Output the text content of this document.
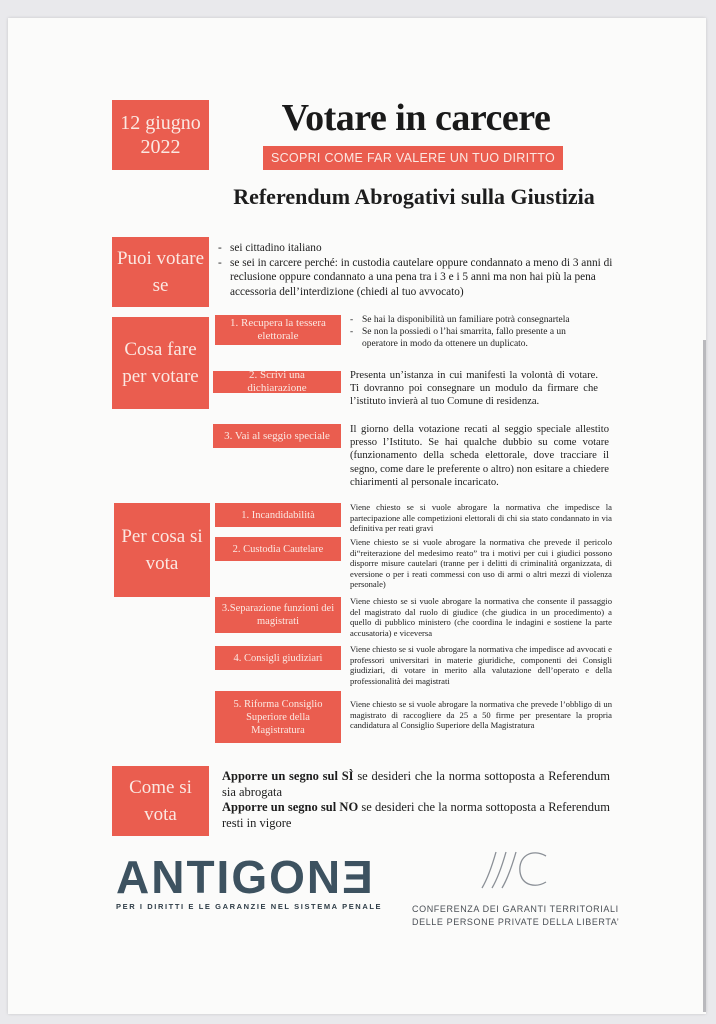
12 giugno 2022
Votare in carcere
SCOPRI COME FAR VALERE UN TUO DIRITTO
Referendum Abrogativi sulla Giustizia
Puoi votare se
- sei cittadino italiano
- se sei in carcere perché: in custodia cautelare oppure condannato a meno di 3 anni di reclusione oppure condannato a una pena tra i 3 e i 5 anni ma non hai più la pena accessoria dell’interdizione (chiedi al tuo avvocato)
Cosa fare per votare
1. Recupera la tessera elettorale
- Se hai la disponibilità un familiare potrà consegnartela
- Se non la possiedi o l’hai smarrita, fallo presente a un operatore in modo da ottenere un duplicato.
2. Scrivi una dichiarazione
Presenta un’istanza in cui manifesti la volontà di votare. Ti dovranno poi consegnare un modulo da firmare che l’istituto invierà al tuo Comune di residenza.
3. Vai al seggio speciale Il giorno della votazione recati al seggio speciale allestito presso l’Istituto. Se hai qualche dubbio su come votare (funzionamento della scheda elettorale, dove tracciare il segno, come dare le preferente o altro) non esitare a chiedere chiarimenti al personale incaricato.
Per cosa si vota
1. Incandidabilità
Viene chiesto se si vuole abrogare la normativa che impedisce la partecipazione alle competizioni elettorali di chi sia stato condannato in via definitiva per reati gravi
2. Custodia Cautelare
Viene chiesto se si vuole abrogare la normativa che prevede il pericolo di“reiterazione del medesimo reato” tra i motivi per cui i giudici possono disporre misure cautelari (tranne per i delitti di criminalità organizzata, di eversione o per i reati commessi con uso di armi o altri mezzi di violenza personale)
3.Separazione funzioni dei magistrati
Viene chiesto se si vuole abrogare la normativa che consente il passaggio del magistrato dal ruolo di giudice (che giudica in un procedimento) a quello di pubblico ministero (che coordina le indagini e sostiene la parte accusatoria) e viceversa
4. Consigli giudiziari
Viene chiesto se si vuole abrogare la normativa che impedisce ad avvocati e professori universitari in materie giuridiche, componenti dei Consigli giudiziari, di votare in merito alla valutazione dell’operato e della professionalità dei magistrati
5. Riforma Consiglio Superiore della Magistratura
Viene chiesto se si vuole abrogare la normativa che prevede l’obbligo di un magistrato di raccogliere da 25 a 50 firme per presentare la propria candidatura al Consiglio Superiore della Magistratura
Come si vota
Apporre un segno sul SÌ se desideri che la norma sottoposta a Referendum sia abrogata
Apporre un segno sul NO se desideri che la norma sottoposta a Referendum resti in vigore
ANTIGONƎ
PER I DIRITTI E LE GARANZIE NEL SISTEMA PENALE	CONFERENZA DEI GARANTI TERRITORIALI
DELLE PERSONE PRIVATE DELLA LIBERTA’
